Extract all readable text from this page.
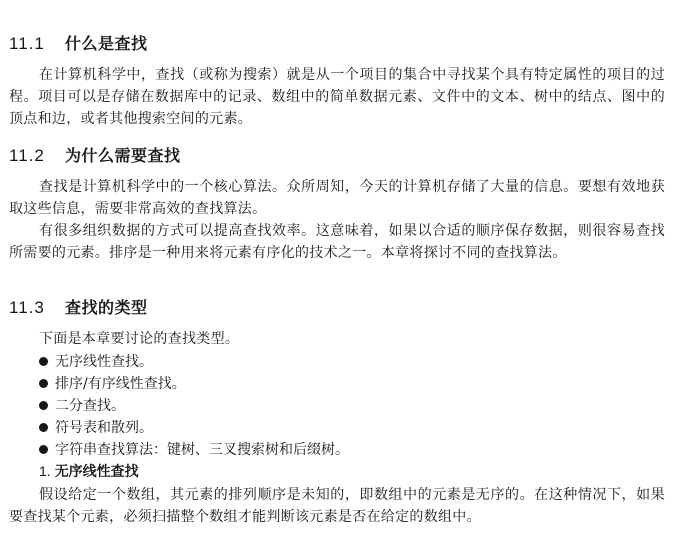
11.1 什么是查找
在计算机科学中，查找（或称为搜索）就是从一个项目的集合中寻找某个具有特定属性的项目的过程。项目可以是存储在数据库中的记录、数组中的简单数据元素、文件中的文本、树中的结点、图中的顶点和边，或者其他搜索空间的元素。
11.2 为什么需要查找
查找是计算机科学中的一个核心算法。众所周知，今天的计算机存储了大量的信息。要想有效地获取这些信息，需要非常高效的查找算法。
有很多组织数据的方式可以提高查找效率。这意味着，如果以合适的顺序保存数据，则很容易查找所需要的元素。排序是一种用来将元素有序化的技术之一。本章将探讨不同的查找算法。
11.3 查找的类型
下面是本章要讨论的查找类型。
无序线性查找。
排序/有序线性查找。
二分查找。
符号表和散列。
字符串查找算法：键树、三叉搜索树和后缀树。
1. 无序线性查找
假设给定一个数组，其元素的排列顺序是未知的，即数组中的元素是无序的。在这种情况下，如果要查找某个元素，必须扫描整个数组才能判断该元素是否在给定的数组中。
